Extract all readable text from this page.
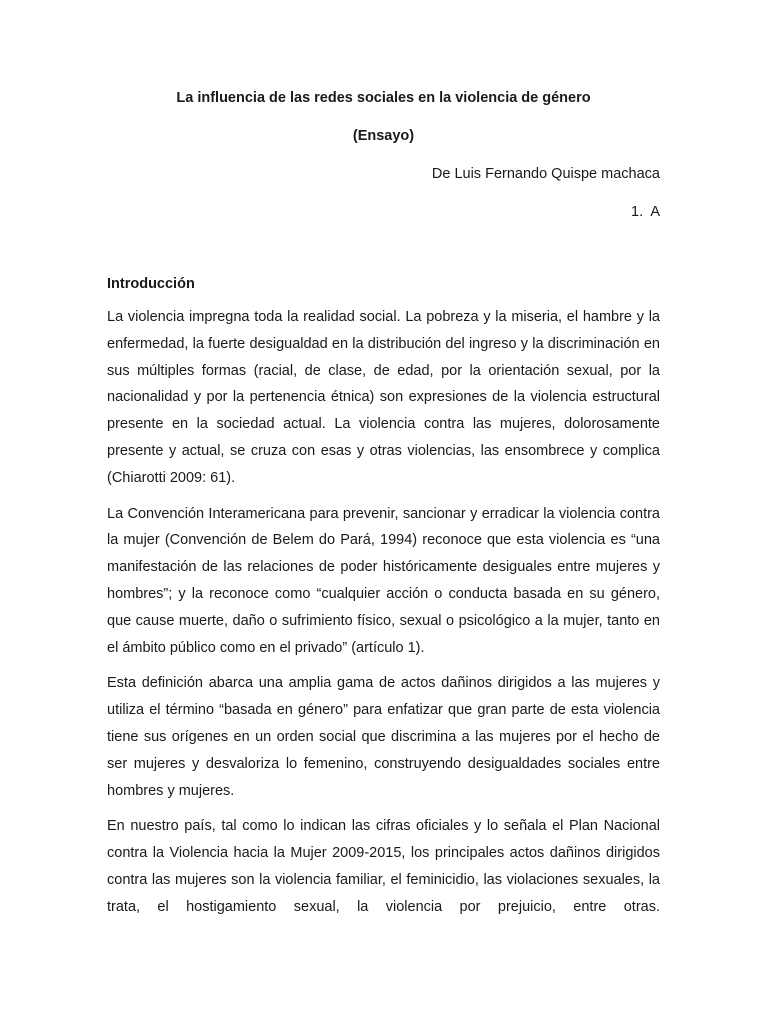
La influencia de las redes sociales en la violencia de género

(Ensayo)

De Luis Fernando Quispe machaca

1. A

Introducción

La violencia impregna toda la realidad social. La pobreza y la miseria, el hambre y la enfermedad, la fuerte desigualdad en la distribución del ingreso y la discriminación en sus múltiples formas (racial, de clase, de edad, por la orientación sexual, por la nacionalidad y por la pertenencia étnica) son expresiones de la violencia estructural presente en la sociedad actual. La violencia contra las mujeres, dolorosamente presente y actual, se cruza con esas y otras violencias, las ensombrece y complica (Chiarotti 2009: 61).

La Convención Interamericana para prevenir, sancionar y erradicar la violencia contra la mujer (Convención de Belem do Pará, 1994) reconoce que esta violencia es “una manifestación de las relaciones de poder históricamente desiguales entre mujeres y hombres”; y la reconoce como “cualquier acción o conducta basada en su género, que cause muerte, daño o sufrimiento físico, sexual o psicológico a la mujer, tanto en el ámbito público como en el privado” (artículo 1).

Esta definición abarca una amplia gama de actos dañinos dirigidos a las mujeres y utiliza el término “basada en género” para enfatizar que gran parte de esta violencia tiene sus orígenes en un orden social que discrimina a las mujeres por el hecho de ser mujeres y desvaloriza lo femenino, construyendo desigualdades sociales entre hombres y mujeres.

En nuestro país, tal como lo indican las cifras oficiales y lo señala el Plan Nacional contra la Violencia hacia la Mujer 2009-2015, los principales actos dañinos dirigidos contra las mujeres son la violencia familiar, el feminicidio, las violaciones sexuales, la trata, el hostigamiento sexual, la violencia por prejuicio, entre otras.
